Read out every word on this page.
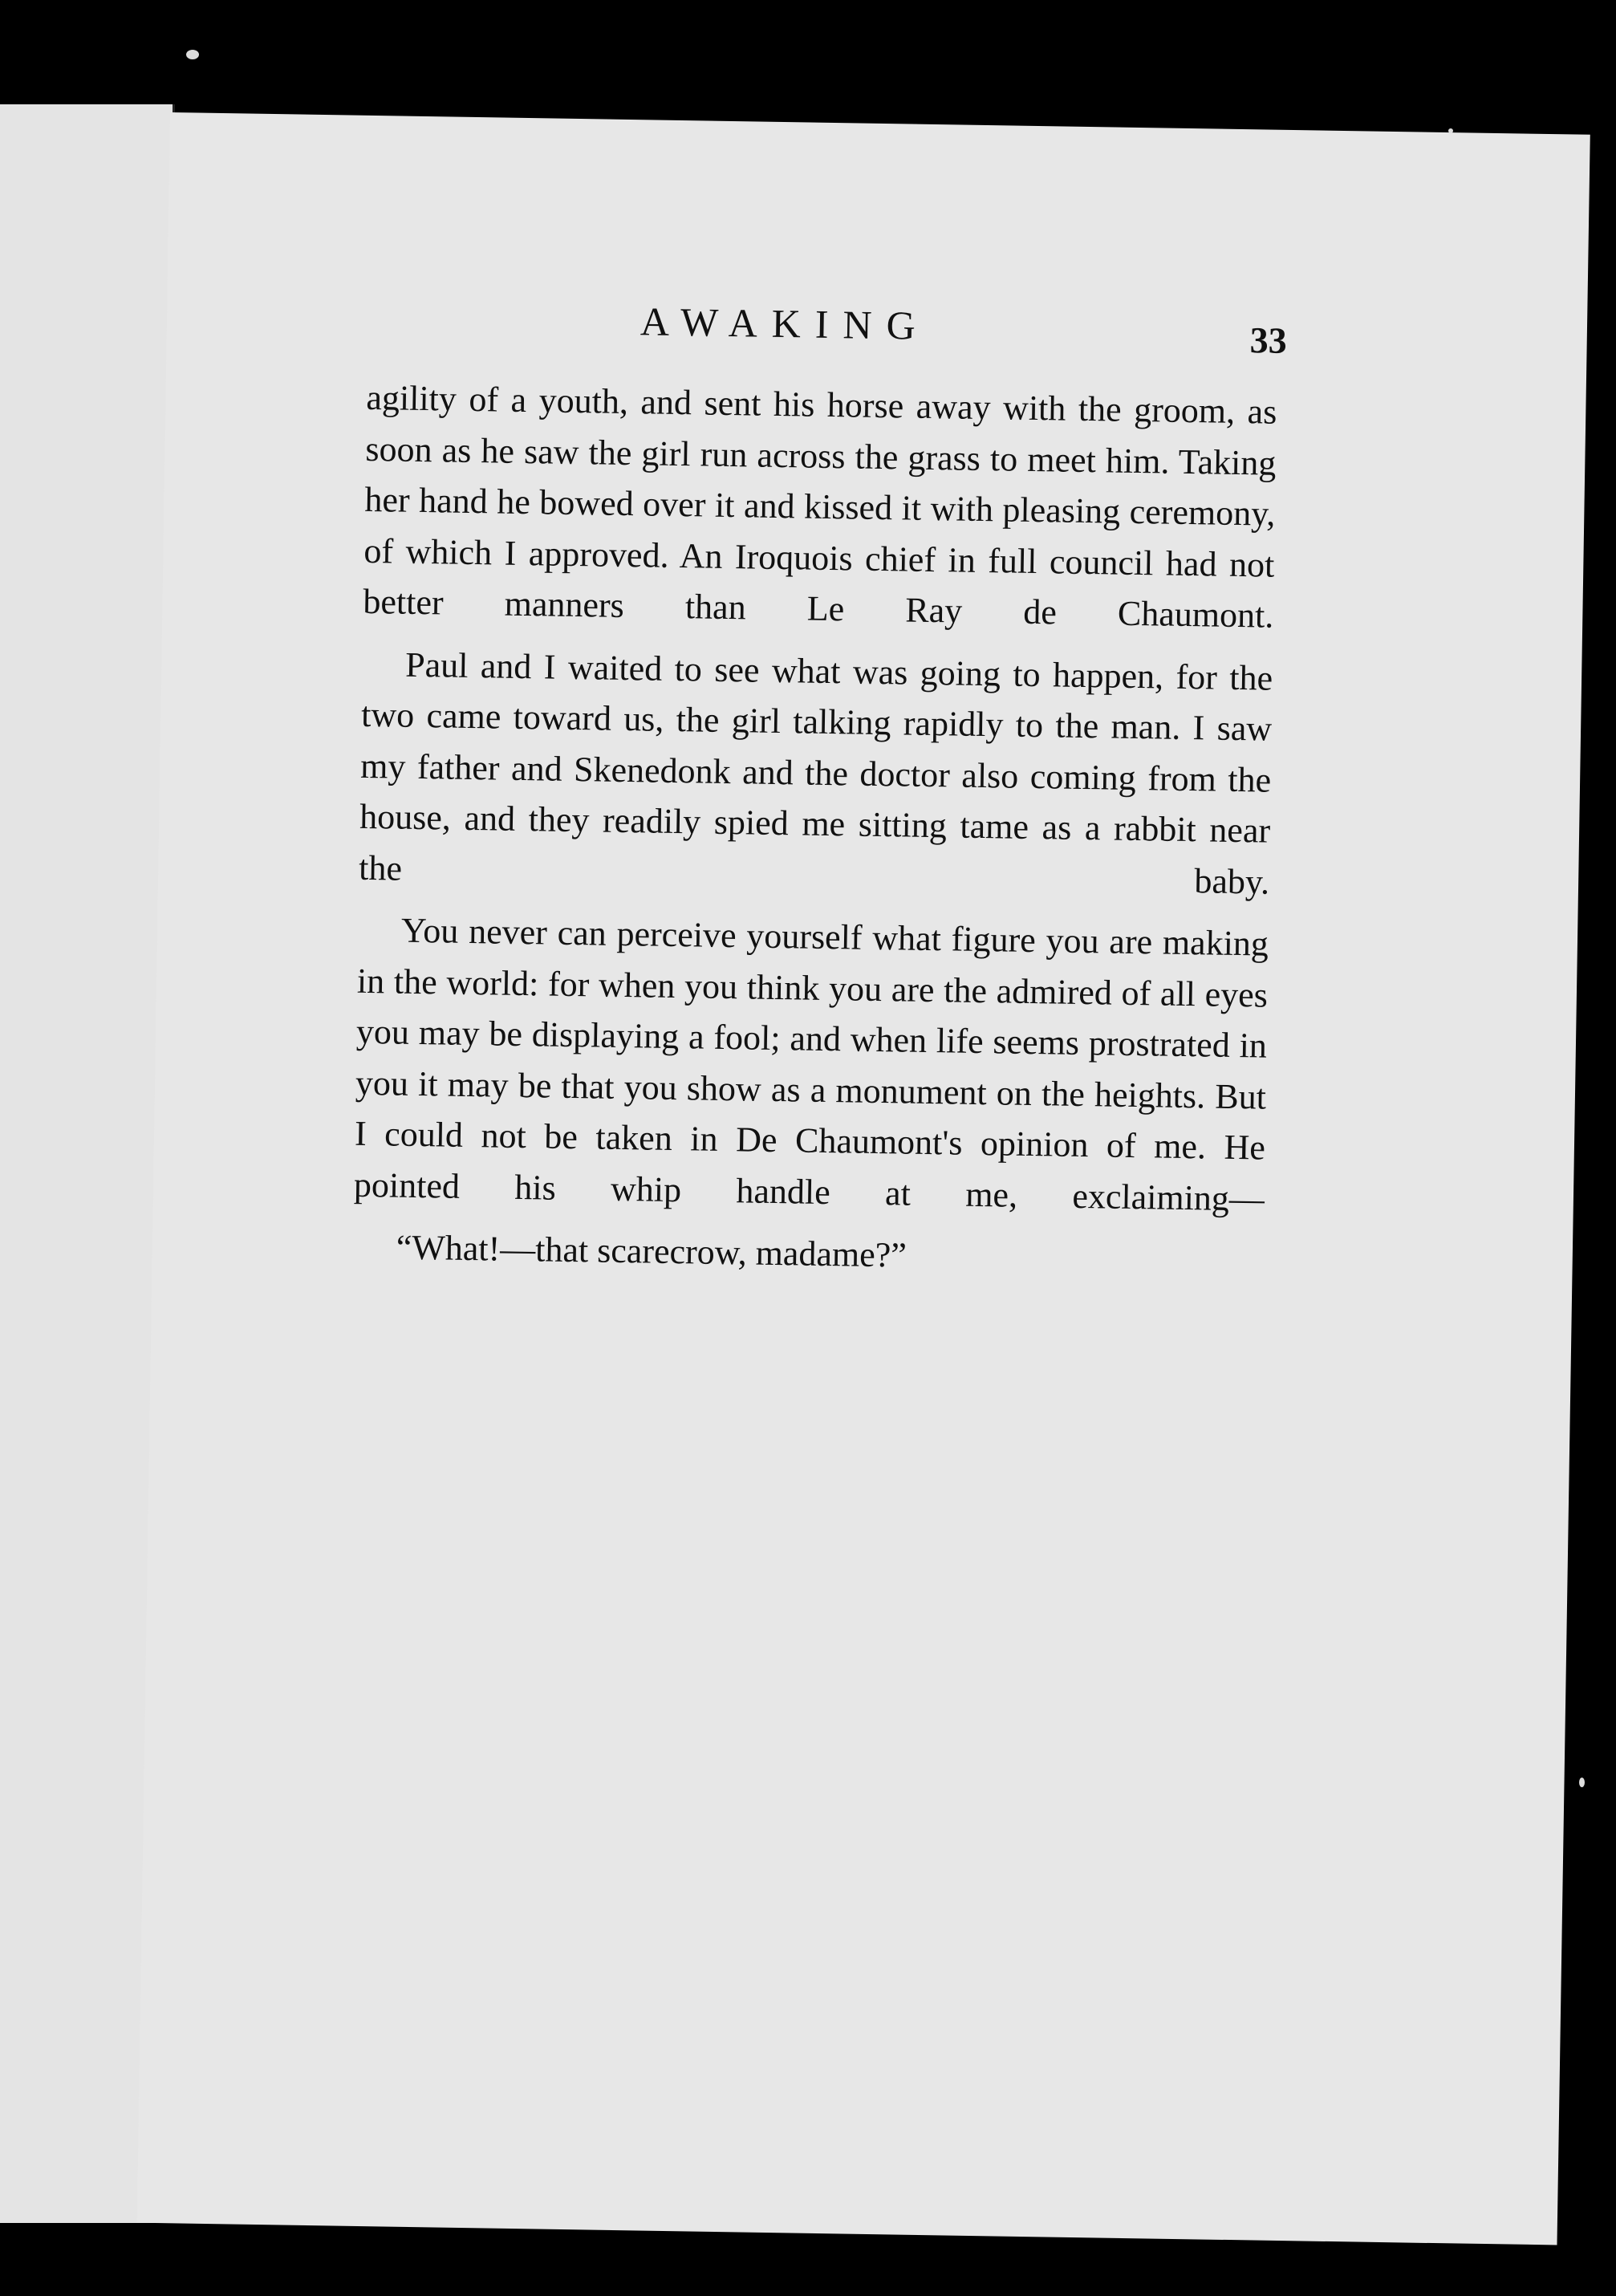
AWAKING	33

agility of a youth, and sent his horse away with the groom, as soon as he saw the girl run across the grass to meet him. Taking her hand he bowed over it and kissed it with pleasing ceremony, of which I approved. An Iroquois chief in full council had not better manners than Le Ray de Chaumont.

Paul and I waited to see what was going to happen, for the two came toward us, the girl talking rapidly to the man. I saw my father and Skenedonk and the doctor also coming from the house, and they readily spied me sitting tame as a rabbit near the baby.

You never can perceive yourself what figure you are making in the world: for when you think you are the admired of all eyes you may be displaying a fool; and when life seems prostrated in you it may be that you show as a monument on the heights. But I could not be taken in De Chaumont's opinion of me. He pointed his whip handle at me, exclaiming—

“What!—that scarecrow, madame?”
